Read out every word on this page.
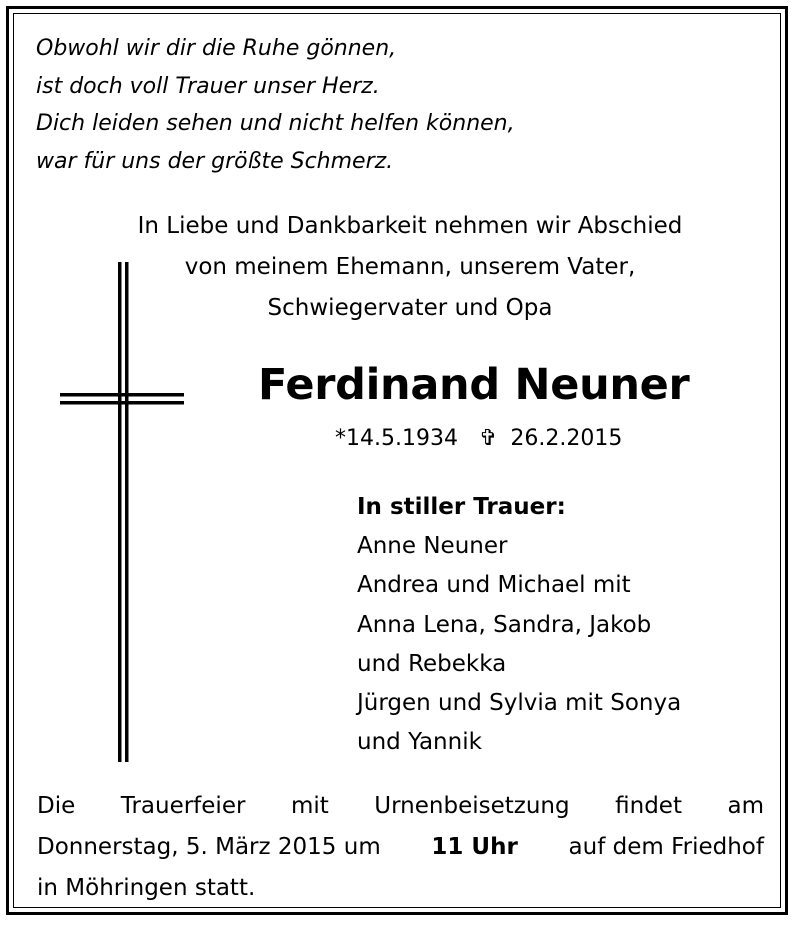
Obwohl wir dir die Ruhe gönnen,
ist doch voll Trauer unser Herz.
Dich leiden sehen und nicht helfen können,
war für uns der größte Schmerz.
In Liebe und Dankbarkeit nehmen wir Abschied
von meinem Ehemann, unserem Vater,
Schwiegervater und Opa
Ferdinand Neuner
*14.5.1934 ✞ 26.2.2015
In stiller Trauer:
Anne Neuner
Andrea und Michael mit
Anna Lena, Sandra, Jakob
und Rebekka
Jürgen und Sylvia mit Sonya
und Yannik
Die Trauerfeier mit Urnenbeisetzung findet am
Donnerstag, 5. März 2015 um 11 Uhr auf dem Friedhof
in Möhringen statt.
